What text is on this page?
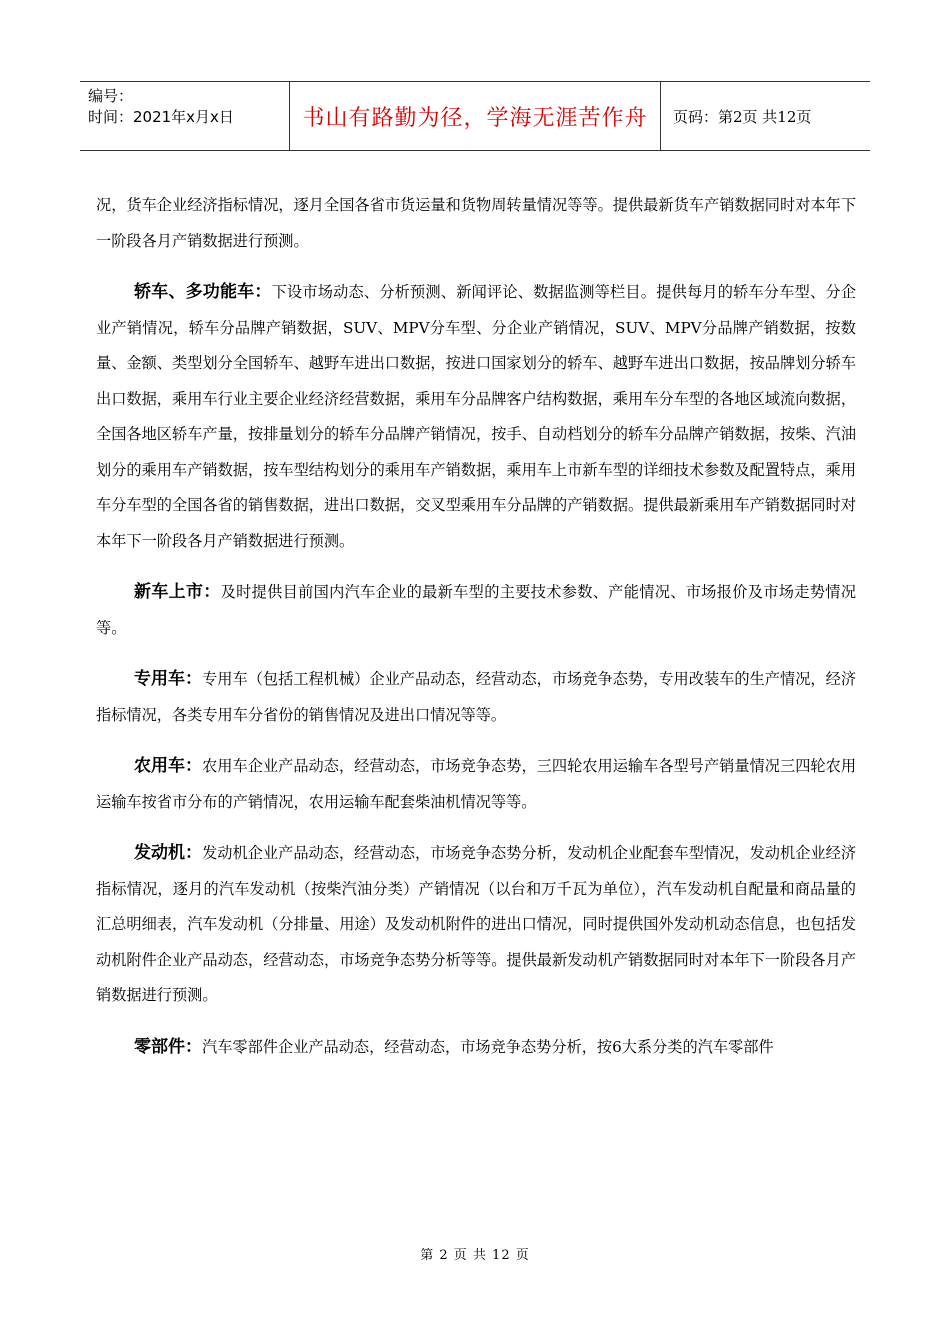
编号：
时间：2021年x月x日	书山有路勤为径，学海无涯苦作舟	页码：第2页 共12页

况，货车企业经济指标情况，逐月全国各省市货运量和货物周转量情况等等。提供最新货车产销数据同时对本年下一阶段各月产销数据进行预测。

轿车、多功能车：下设市场动态、分析预测、新闻评论、数据监测等栏目。提供每月的轿车分车型、分企业产销情况，轿车分品牌产销数据，SUV、MPV分车型、分企业产销情况，SUV、MPV分品牌产销数据，按数量、金额、类型划分全国轿车、越野车进出口数据，按进口国家划分的轿车、越野车进出口数据，按品牌划分轿车出口数据，乘用车行业主要企业经济经营数据，乘用车分品牌客户结构数据，乘用车分车型的各地区域流向数据，全国各地区轿车产量，按排量划分的轿车分品牌产销情况，按手、自动档划分的轿车分品牌产销数据，按柴、汽油划分的乘用车产销数据，按车型结构划分的乘用车产销数据，乘用车上市新车型的详细技术参数及配置特点，乘用车分车型的全国各省的销售数据，进出口数据，交叉型乘用车分品牌的产销数据。提供最新乘用车产销数据同时对本年下一阶段各月产销数据进行预测。

新车上市：及时提供目前国内汽车企业的最新车型的主要技术参数、产能情况、市场报价及市场走势情况等。

专用车：专用车（包括工程机械）企业产品动态，经营动态，市场竞争态势，专用改装车的生产情况，经济指标情况，各类专用车分省份的销售情况及进出口情况等等。

农用车：农用车企业产品动态，经营动态，市场竞争态势，三四轮农用运输车各型号产销量情况三四轮农用运输车按省市分布的产销情况，农用运输车配套柴油机情况等等。

发动机：发动机企业产品动态，经营动态，市场竞争态势分析，发动机企业配套车型情况，发动机企业经济指标情况，逐月的汽车发动机（按柴汽油分类）产销情况（以台和万千瓦为单位），汽车发动机自配量和商品量的汇总明细表，汽车发动机（分排量、用途）及发动机附件的进出口情况，同时提供国外发动机动态信息，也包括发动机附件企业产品动态，经营动态，市场竞争态势分析等等。提供最新发动机产销数据同时对本年下一阶段各月产销数据进行预测。

零部件：汽车零部件企业产品动态，经营动态，市场竞争态势分析，按6大系分类的汽车零部件

第 2 页 共 12 页
